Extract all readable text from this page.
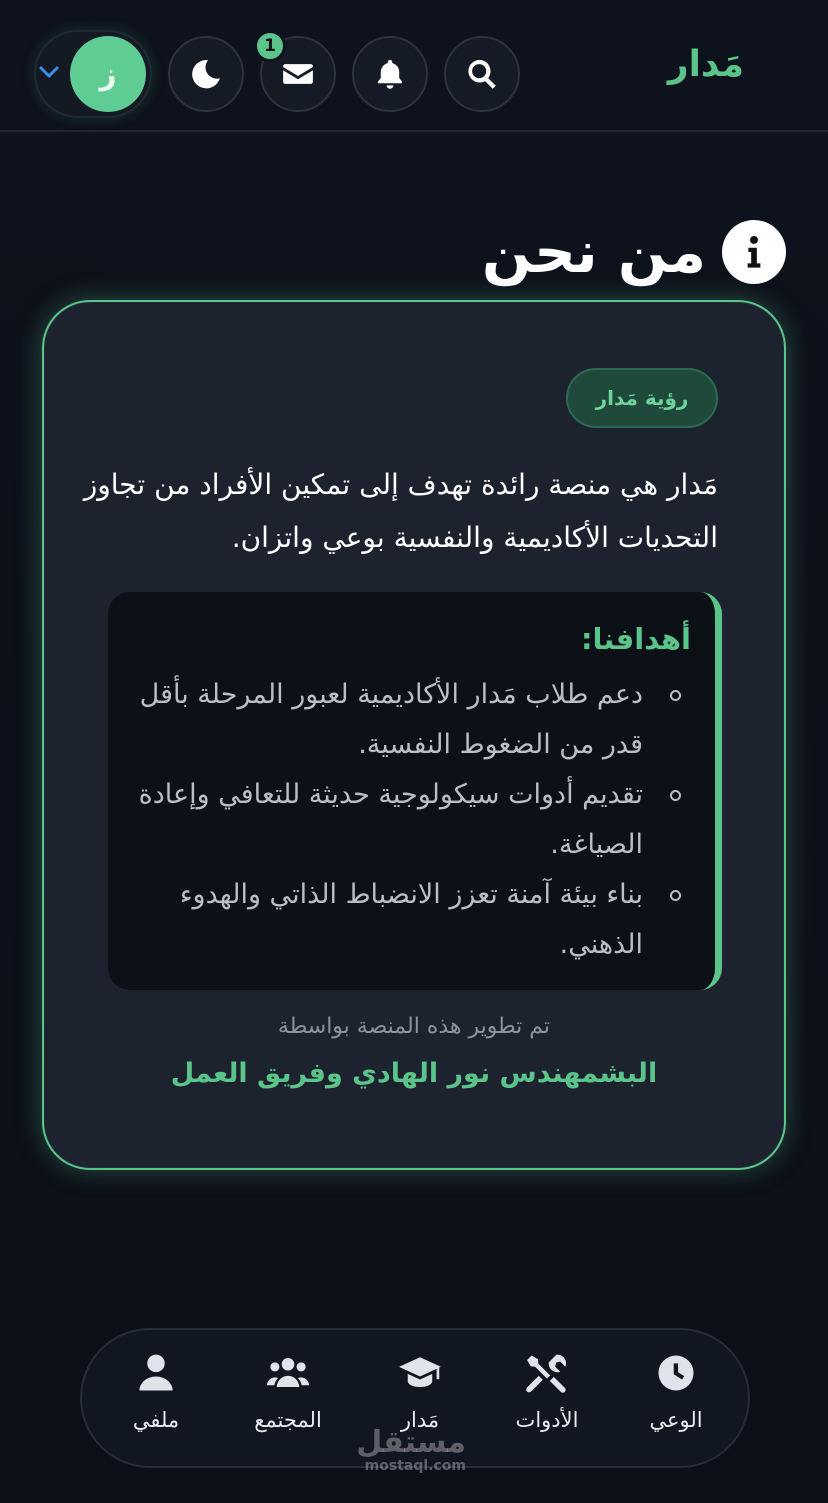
مَدار
1
ز
من نحن
رؤية مَدار

مَدار هي منصة رائدة تهدف إلى تمكين الأفراد من تجاوز التحديات الأكاديمية والنفسية بوعي واتزان.

أهدافنا:
دعم طلاب مَدار الأكاديمية لعبور المرحلة بأقل قدر من الضغوط النفسية.
تقديم أدوات سيكولوجية حديثة للتعافي وإعادة الصياغة.
بناء بيئة آمنة تعزز الانضباط الذاتي والهدوء الذهني.
تم تطوير هذه المنصة بواسطة
البشمهندس نور الهادي وفريق العمل
الوعي
الأدوات
مَدار
المجتمع
ملفي
مستقل
mostaql.com
